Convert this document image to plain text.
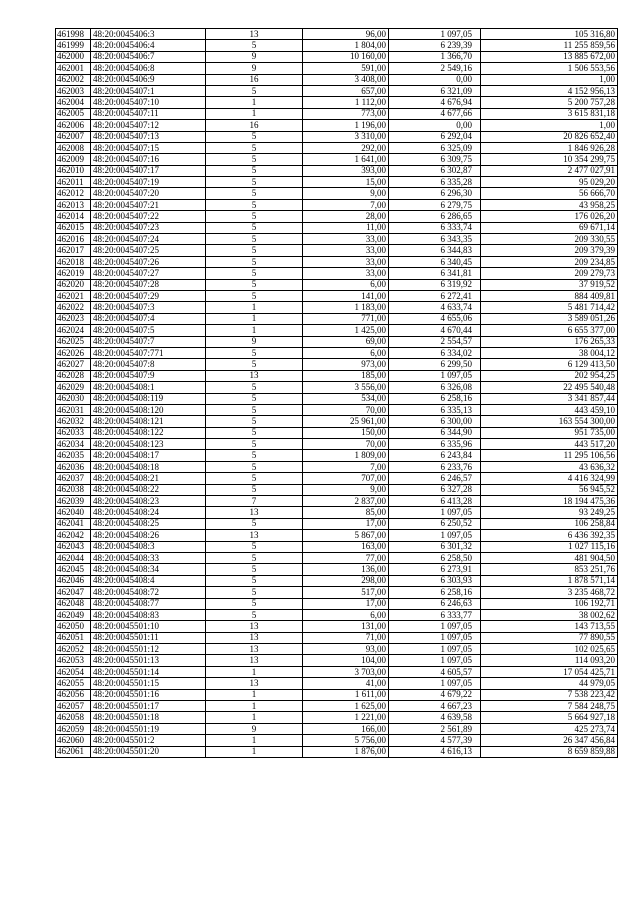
461998	48:20:0045406:3	13	96,00	1 097,05	105 316,80
461999	48:20:0045406:4	5	1 804,00	6 239,39	11 255 859,56
462000	48:20:0045406:7	9	10 160,00	1 366,70	13 885 672,00
462001	48:20:0045406:8	9	591,00	2 549,16	1 506 553,56
462002	48:20:0045406:9	16	3 408,00	0,00	1,00
462003	48:20:0045407:1	5	657,00	6 321,09	4 152 956,13
462004	48:20:0045407:10	1	1 112,00	4 676,94	5 200 757,28
462005	48:20:0045407:11	1	773,00	4 677,66	3 615 831,18
462006	48:20:0045407:12	16	1 196,00	0,00	1,00
462007	48:20:0045407:13	5	3 310,00	6 292,04	20 826 652,40
462008	48:20:0045407:15	5	292,00	6 325,09	1 846 926,28
462009	48:20:0045407:16	5	1 641,00	6 309,75	10 354 299,75
462010	48:20:0045407:17	5	393,00	6 302,87	2 477 027,91
462011	48:20:0045407:19	5	15,00	6 335,28	95 029,20
462012	48:20:0045407:20	5	9,00	6 296,30	56 666,70
462013	48:20:0045407:21	5	7,00	6 279,75	43 958,25
462014	48:20:0045407:22	5	28,00	6 286,65	176 026,20
462015	48:20:0045407:23	5	11,00	6 333,74	69 671,14
462016	48:20:0045407:24	5	33,00	6 343,35	209 330,55
462017	48:20:0045407:25	5	33,00	6 344,83	209 379,39
462018	48:20:0045407:26	5	33,00	6 340,45	209 234,85
462019	48:20:0045407:27	5	33,00	6 341,81	209 279,73
462020	48:20:0045407:28	5	6,00	6 319,92	37 919,52
462021	48:20:0045407:29	5	141,00	6 272,41	884 409,81
462022	48:20:0045407:3	1	1 183,00	4 633,74	5 481 714,42
462023	48:20:0045407:4	1	771,00	4 655,06	3 589 051,26
462024	48:20:0045407:5	1	1 425,00	4 670,44	6 655 377,00
462025	48:20:0045407:7	9	69,00	2 554,57	176 265,33
462026	48:20:0045407:771	5	6,00	6 334,02	38 004,12
462027	48:20:0045407:8	5	973,00	6 299,50	6 129 413,50
462028	48:20:0045407:9	13	185,00	1 097,05	202 954,25
462029	48:20:0045408:1	5	3 556,00	6 326,08	22 495 540,48
462030	48:20:0045408:119	5	534,00	6 258,16	3 341 857,44
462031	48:20:0045408:120	5	70,00	6 335,13	443 459,10
462032	48:20:0045408:121	5	25 961,00	6 300,00	163 554 300,00
462033	48:20:0045408:122	5	150,00	6 344,90	951 735,00
462034	48:20:0045408:123	5	70,00	6 335,96	443 517,20
462035	48:20:0045408:17	5	1 809,00	6 243,84	11 295 106,56
462036	48:20:0045408:18	5	7,00	6 233,76	43 636,32
462037	48:20:0045408:21	5	707,00	6 246,57	4 416 324,99
462038	48:20:0045408:22	5	9,00	6 327,28	56 945,52
462039	48:20:0045408:23	7	2 837,00	6 413,28	18 194 475,36
462040	48:20:0045408:24	13	85,00	1 097,05	93 249,25
462041	48:20:0045408:25	5	17,00	6 250,52	106 258,84
462042	48:20:0045408:26	13	5 867,00	1 097,05	6 436 392,35
462043	48:20:0045408:3	5	163,00	6 301,32	1 027 115,16
462044	48:20:0045408:33	5	77,00	6 258,50	481 904,50
462045	48:20:0045408:34	5	136,00	6 273,91	853 251,76
462046	48:20:0045408:4	5	298,00	6 303,93	1 878 571,14
462047	48:20:0045408:72	5	517,00	6 258,16	3 235 468,72
462048	48:20:0045408:77	5	17,00	6 246,63	106 192,71
462049	48:20:0045408:83	5	6,00	6 333,77	38 002,62
462050	48:20:0045501:10	13	131,00	1 097,05	143 713,55
462051	48:20:0045501:11	13	71,00	1 097,05	77 890,55
462052	48:20:0045501:12	13	93,00	1 097,05	102 025,65
462053	48:20:0045501:13	13	104,00	1 097,05	114 093,20
462054	48:20:0045501:14	1	3 703,00	4 605,57	17 054 425,71
462055	48:20:0045501:15	13	41,00	1 097,05	44 979,05
462056	48:20:0045501:16	1	1 611,00	4 679,22	7 538 223,42
462057	48:20:0045501:17	1	1 625,00	4 667,23	7 584 248,75
462058	48:20:0045501:18	1	1 221,00	4 639,58	5 664 927,18
462059	48:20:0045501:19	9	166,00	2 561,89	425 273,74
462060	48:20:0045501:2	1	5 756,00	4 577,39	26 347 456,84
462061	48:20:0045501:20	1	1 876,00	4 616,13	8 659 859,88
